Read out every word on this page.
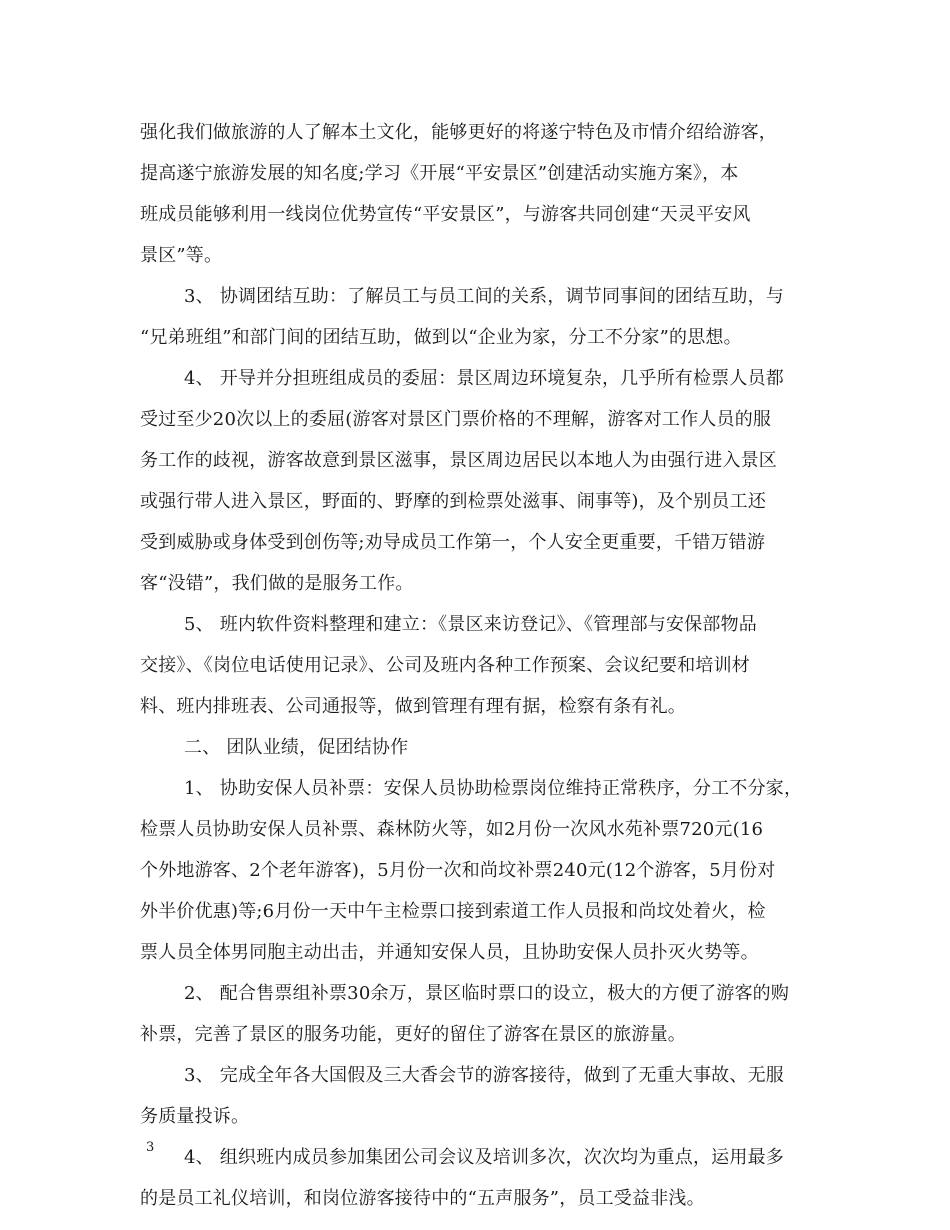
强化我们做旅游的人了解本土文化，能够更好的将遂宁特色及市情介绍给游客，
提高遂宁旅游发展的知名度;学习《开展“平安景区”创建活动实施方案》，本
班成员能够利用一线岗位优势宣传“平安景区”，与游客共同创建“天灵平安风
景区”等。
3、 协调团结互助：了解员工与员工间的关系，调节同事间的团结互助，与
“兄弟班组”和部门间的团结互助，做到以“企业为家，分工不分家”的思想。
4、 开导并分担班组成员的委屈：景区周边环境复杂，几乎所有检票人员都
受过至少20次以上的委屈(游客对景区门票价格的不理解，游客对工作人员的服
务工作的歧视，游客故意到景区滋事，景区周边居民以本地人为由强行进入景区
或强行带人进入景区，野面的、野摩的到检票处滋事、闹事等)，及个别员工还
受到威胁或身体受到创伤等;劝导成员工作第一，个人安全更重要，千错万错游
客“没错”，我们做的是服务工作。
5、 班内软件资料整理和建立：《景区来访登记》、《管理部与安保部物品
交接》、《岗位电话使用记录》、公司及班内各种工作预案、会议纪要和培训材
料、班内排班表、公司通报等，做到管理有理有据，检察有条有礼。
二、 团队业绩，促团结协作
1、 协助安保人员补票：安保人员协助检票岗位维持正常秩序，分工不分家，
检票人员协助安保人员补票、森林防火等，如2月份一次风水苑补票720元(16
个外地游客、2个老年游客)，5月份一次和尚坟补票240元(12个游客，5月份对
外半价优惠)等;6月份一天中午主检票口接到索道工作人员报和尚坟处着火，检
票人员全体男同胞主动出击，并通知安保人员，且协助安保人员扑灭火势等。
2、 配合售票组补票30余万，景区临时票口的设立，极大的方便了游客的购
补票，完善了景区的服务功能，更好的留住了游客在景区的旅游量。
3、 完成全年各大国假及三大香会节的游客接待，做到了无重大事故、无服
务质量投诉。
4、 组织班内成员参加集团公司会议及培训多次，次次均为重点，运用最多
的是员工礼仪培训，和岗位游客接待中的“五声服务”，员工受益非浅。
3
